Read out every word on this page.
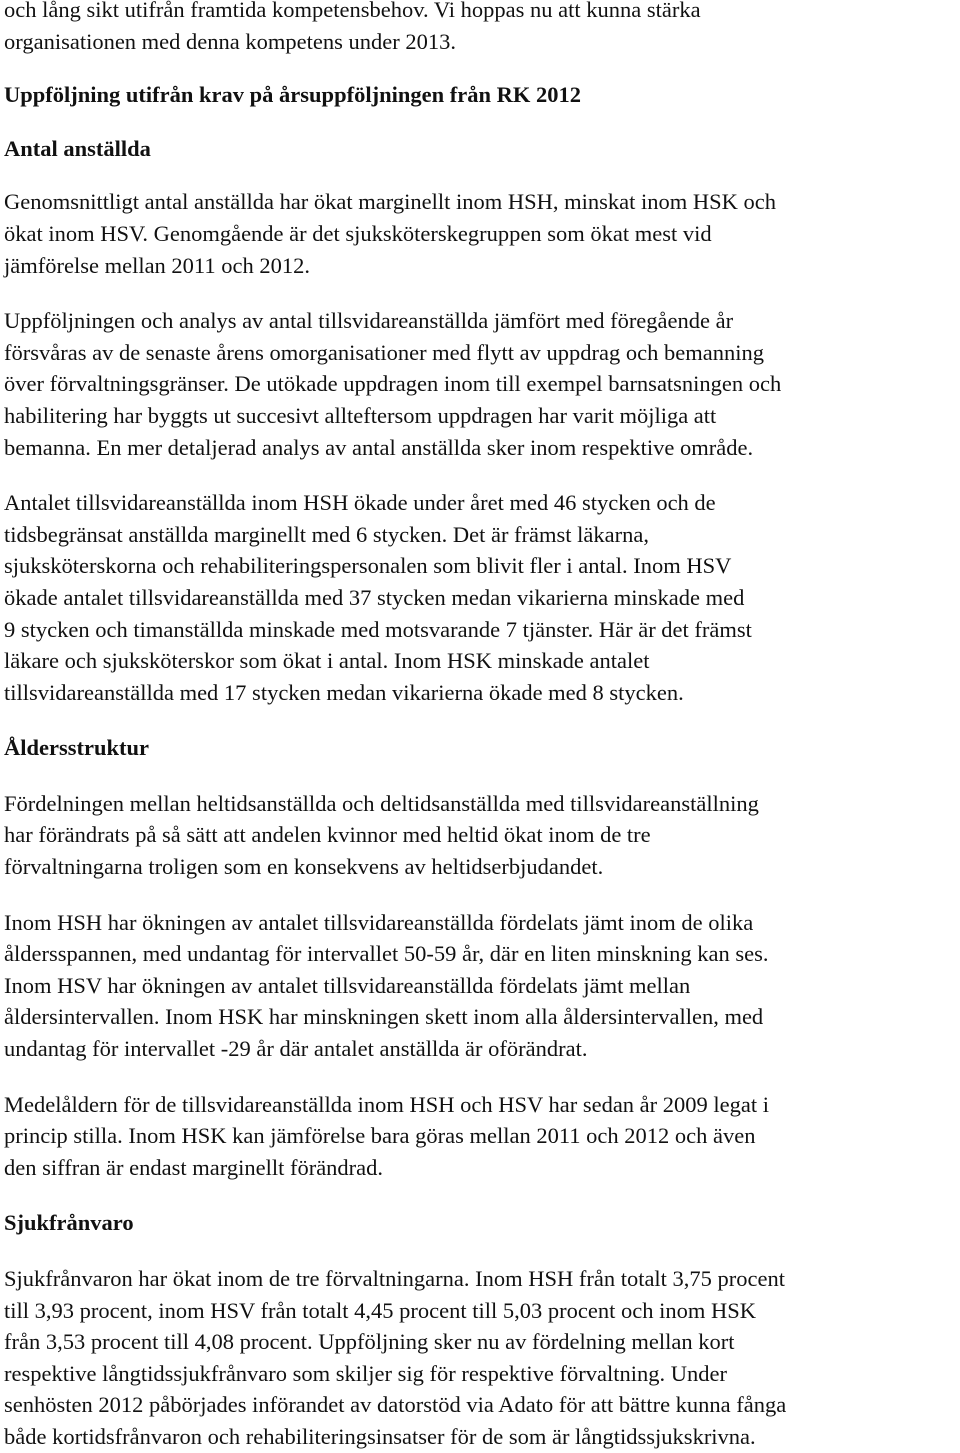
och lång sikt utifrån framtida kompetensbehov. Vi hoppas nu att kunna stärka
organisationen med denna kompetens under 2013.
Uppföljning utifrån krav på årsuppföljningen från RK 2012
Antal anställda
Genomsnittligt antal anställda har ökat marginellt inom HSH, minskat inom HSK och
ökat inom HSV. Genomgående är det sjuksköterskegruppen som ökat mest vid
jämförelse mellan 2011 och 2012.
Uppföljningen och analys av antal tillsvidareanställda jämfört med föregående år
försvåras av de senaste årens omorganisationer med flytt av uppdrag och bemanning
över förvaltningsgränser. De utökade uppdragen inom till exempel barnsatsningen och
habilitering har byggts ut succesivt allteftersom uppdragen har varit möjliga att
bemanna. En mer detaljerad analys av antal anställda sker inom respektive område.
Antalet tillsvidareanställda inom HSH ökade under året med 46 stycken och de
tidsbegränsat anställda marginellt med 6 stycken. Det är främst läkarna,
sjuksköterskorna och rehabiliteringspersonalen som blivit fler i antal. Inom HSV
ökade antalet tillsvidareanställda med 37 stycken medan vikarierna minskade med
9 stycken och timanställda minskade med motsvarande 7 tjänster. Här är det främst
läkare och sjuksköterskor som ökat i antal. Inom HSK minskade antalet
tillsvidareanställda med 17 stycken medan vikarierna ökade med 8 stycken.
Åldersstruktur
Fördelningen mellan heltidsanställda och deltidsanställda med tillsvidareanställning
har förändrats på så sätt att andelen kvinnor med heltid ökat inom de tre
förvaltningarna troligen som en konsekvens av heltidserbjudandet.
Inom HSH har ökningen av antalet tillsvidareanställda fördelats jämt inom de olika
åldersspannen, med undantag för intervallet 50-59 år, där en liten minskning kan ses.
Inom HSV har ökningen av antalet tillsvidareanställda fördelats jämt mellan
åldersintervallen. Inom HSK har minskningen skett inom alla åldersintervallen, med
undantag för intervallet -29 år där antalet anställda är oförändrat.
Medelåldern för de tillsvidareanställda inom HSH och HSV har sedan år 2009 legat i
princip stilla. Inom HSK kan jämförelse bara göras mellan 2011 och 2012 och även
den siffran är endast marginellt förändrad.
Sjukfrånvaro
Sjukfrånvaron har ökat inom de tre förvaltningarna. Inom HSH från totalt 3,75 procent
till 3,93 procent, inom HSV från totalt 4,45 procent till 5,03 procent och inom HSK
från 3,53 procent till 4,08 procent. Uppföljning sker nu av fördelning mellan kort
respektive långtidssjukfrånvaro som skiljer sig för respektive förvaltning. Under
senhösten 2012 påbörjades införandet av datorstöd via Adato för att bättre kunna fånga
både kortidsfrånvaron och rehabiliteringsinsatser för de som är långtidssjukskrivna.
